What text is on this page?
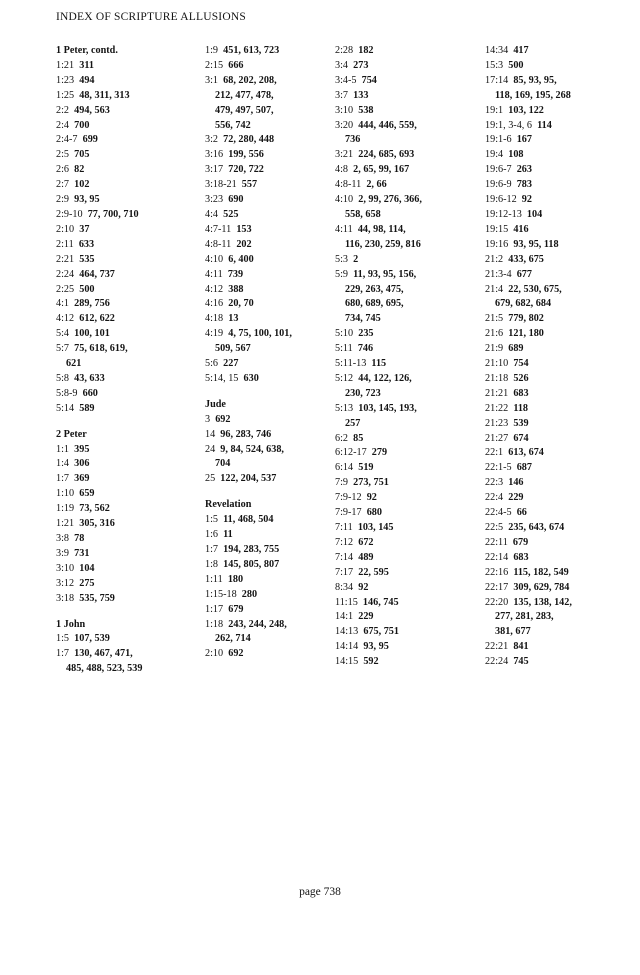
INDEX OF SCRIPTURE ALLUSIONS
1 Peter, contd.
1:21 311
1:23 494
1:25 48, 311, 313
2:2 494, 563
2:4 700
2:4-7 699
2:5 705
2:6 82
2:7 102
2:9 93, 95
2:9-10 77, 700, 710
2:10 37
2:11 633
2:21 535
2:24 464, 737
2:25 500
4:1 289, 756
4:12 612, 622
5:4 100, 101
5:7 75, 618, 619,
621
5:8 43, 633
5:8-9 660
5:14 589
2 Peter
1:1 395
1:4 306
1:7 369
1:10 659
1:19 73, 562
1:21 305, 316
3:8 78
3:9 731
3:10 104
3:12 275
3:18 535, 759
1 John
1:5 107, 539
1:7 130, 467, 471,
485, 488, 523, 539
1:9 451, 613, 723
2:15 666
3:1 68, 202, 208,
212, 477, 478,
479, 497, 507,
556, 742
3:2 72, 280, 448
3:16 199, 556
3:17 720, 722
3:18-21 557
3:23 690
4:4 525
4:7-11 153
4:8-11 202
4:10 6, 400
4:11 739
4:12 388
4:16 20, 70
4:18 13
4:19 4, 75, 100, 101,
509, 567
5:6 227
5:14, 15 630
Jude
3 692
14 96, 283, 746
24 9, 84, 524, 638,
704
25 122, 204, 537
Revelation
1:5 11, 468, 504
1:6 11
1:7 194, 283, 755
1:8 145, 805, 807
1:11 180
1:15-18 280
1:17 679
1:18 243, 244, 248,
262, 714
2:10 692
2:28 182
3:4 273
3:4-5 754
3:7 133
3:10 538
3:20 444, 446, 559,
736
3:21 224, 685, 693
4:8 2, 65, 99, 167
4:8-11 2, 66
4:10 2, 99, 276, 366,
558, 658
4:11 44, 98, 114,
116, 230, 259, 816
5:3 2
5:9 11, 93, 95, 156,
229, 263, 475,
680, 689, 695,
734, 745
5:10 235
5:11 746
5:11-13 115
5:12 44, 122, 126,
230, 723
5:13 103, 145, 193,
257
6:2 85
6:12-17 279
6:14 519
7:9 273, 751
7:9-12 92
7:9-17 680
7:11 103, 145
7:12 672
7:14 489
7:17 22, 595
8:34 92
11:15 146, 745
14:1 229
14:13 675, 751
14:14 93, 95
14:15 592
14:34 417
15:3 500
17:14 85, 93, 95,
118, 169, 195, 268
19:1 103, 122
19:1, 3-4, 6 114
19:1-6 167
19:4 108
19:6-7 263
19:6-9 783
19:6-12 92
19:12-13 104
19:15 416
19:16 93, 95, 118
21:2 433, 675
21:3-4 677
21:4 22, 530, 675,
679, 682, 684
21:5 779, 802
21:6 121, 180
21:9 689
21:10 754
21:18 526
21:21 683
21:22 118
21:23 539
21:27 674
22:1 613, 674
22:1-5 687
22:3 146
22:4 229
22:4-5 66
22:5 235, 643, 674
22:11 679
22:14 683
22:16 115, 182, 549
22:17 309, 629, 784
22:20 135, 138, 142,
277, 281, 283,
381, 677
22:21 841
22:24 745
page 738
